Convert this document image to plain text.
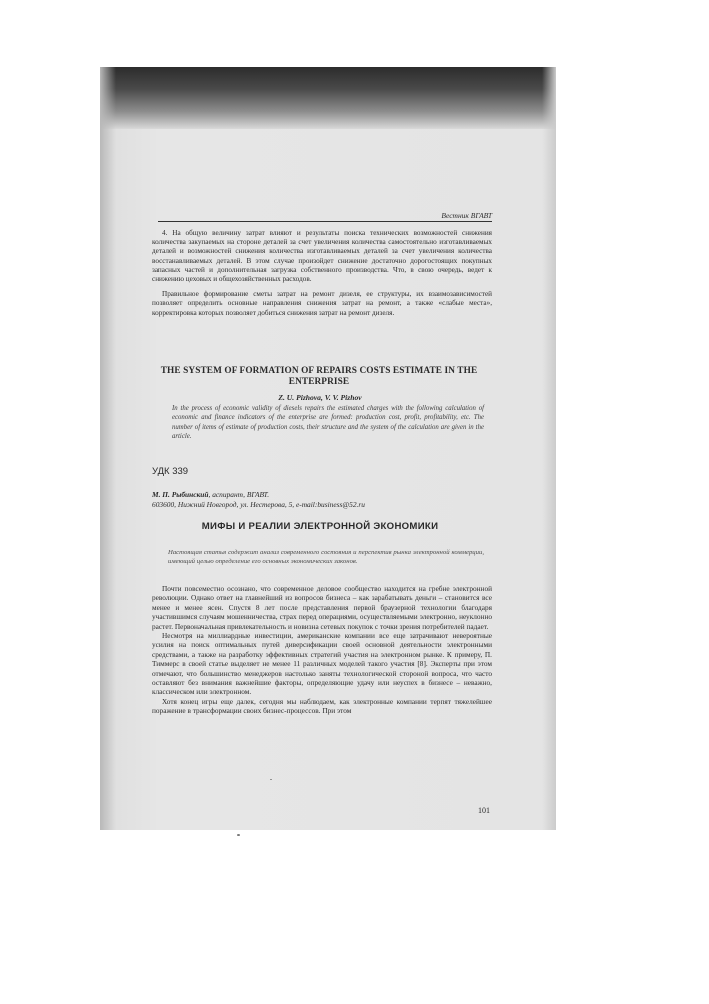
Вестник ВГАВТ

4. На общую величину затрат влияют и результаты поиска технических возможностей снижения количества закупаемых на стороне деталей за счет увеличения количества самостоятельно изготавливаемых деталей и возможностей снижения количества изготавливаемых деталей за счет увеличения количества восстанавливаемых деталей. В этом случае произойдет снижение достаточно дорогостоящих покупных запасных частей и дополнительная загрузка собственного производства. Что, в свою очередь, ведет к снижению цеховых и общехозяйственных расходов.

Правильное формирование сметы затрат на ремонт дизеля, ее структуры, их взаимозависимостей позволяет определить основные направления снижения затрат на ремонт, а также «слабые места», корректировка которых позволяет добиться снижения затрат на ремонт дизеля.

THE SYSTEM OF FORMATION OF REPAIRS COSTS ESTIMATE IN THE ENTERPRISE
Z. U. Pizhova, V. V. Pizhov
In the process of economic validity of diesels repairs the estimated charges with the following calculation of economic and finance indicators of the enterprise are formed: production cost, profit, profitability, etc. The number of items of estimate of production costs, their structure and the system of the calculation are given in the article.
УДК 339
М. П. Рыбинский, аспирант, ВГАВТ.
603600, Нижний Новгород, ул. Нестерова, 5, e-mail:business@52.ru
МИФЫ И РЕАЛИИ ЭЛЕКТРОННОЙ ЭКОНОМИКИ
Настоящая статья содержит анализ современного состояния и перспектив рынка электронной коммерции, имеющий целью определение его основных экономических законов.

Почти повсеместно осознано, что современное деловое сообщество находится на гребне электронной революции. Однако ответ на главнейший из вопросов бизнеса – как зарабатывать деньги – становится все менее и менее ясен. Спустя 8 лет после представления первой браузерной технологии благодаря участившимся случаям мошенничества, страх перед операциями, осуществляемыми электронно, неуклонно растет. Первоначальная привлекательность и новизна сетевых покупок с точки зрения потребителей падает.

Несмотря на миллиардные инвестиции, американские компании все еще затрачивают невероятные усилия на поиск оптимальных путей диверсификации своей основной деятельности электронными средствами, а также на разработку эффективных стратегий участия на электронном рынке. К примеру, П. Тиммерс в своей статье выделяет не менее 11 различных моделей такого участия [8]. Эксперты при этом отмечают, что большинство менеджеров настолько заняты технологической стороной вопроса, что часто оставляют без внимания важнейшие факторы, определяющие удачу или неуспех в бизнесе – неважно, классическом или электронном.

Хотя конец игры еще далек, сегодня мы наблюдаем, как электронные компании терпят тяжелейшее поражение в трансформации своих бизнес-процессов. При этом

101
